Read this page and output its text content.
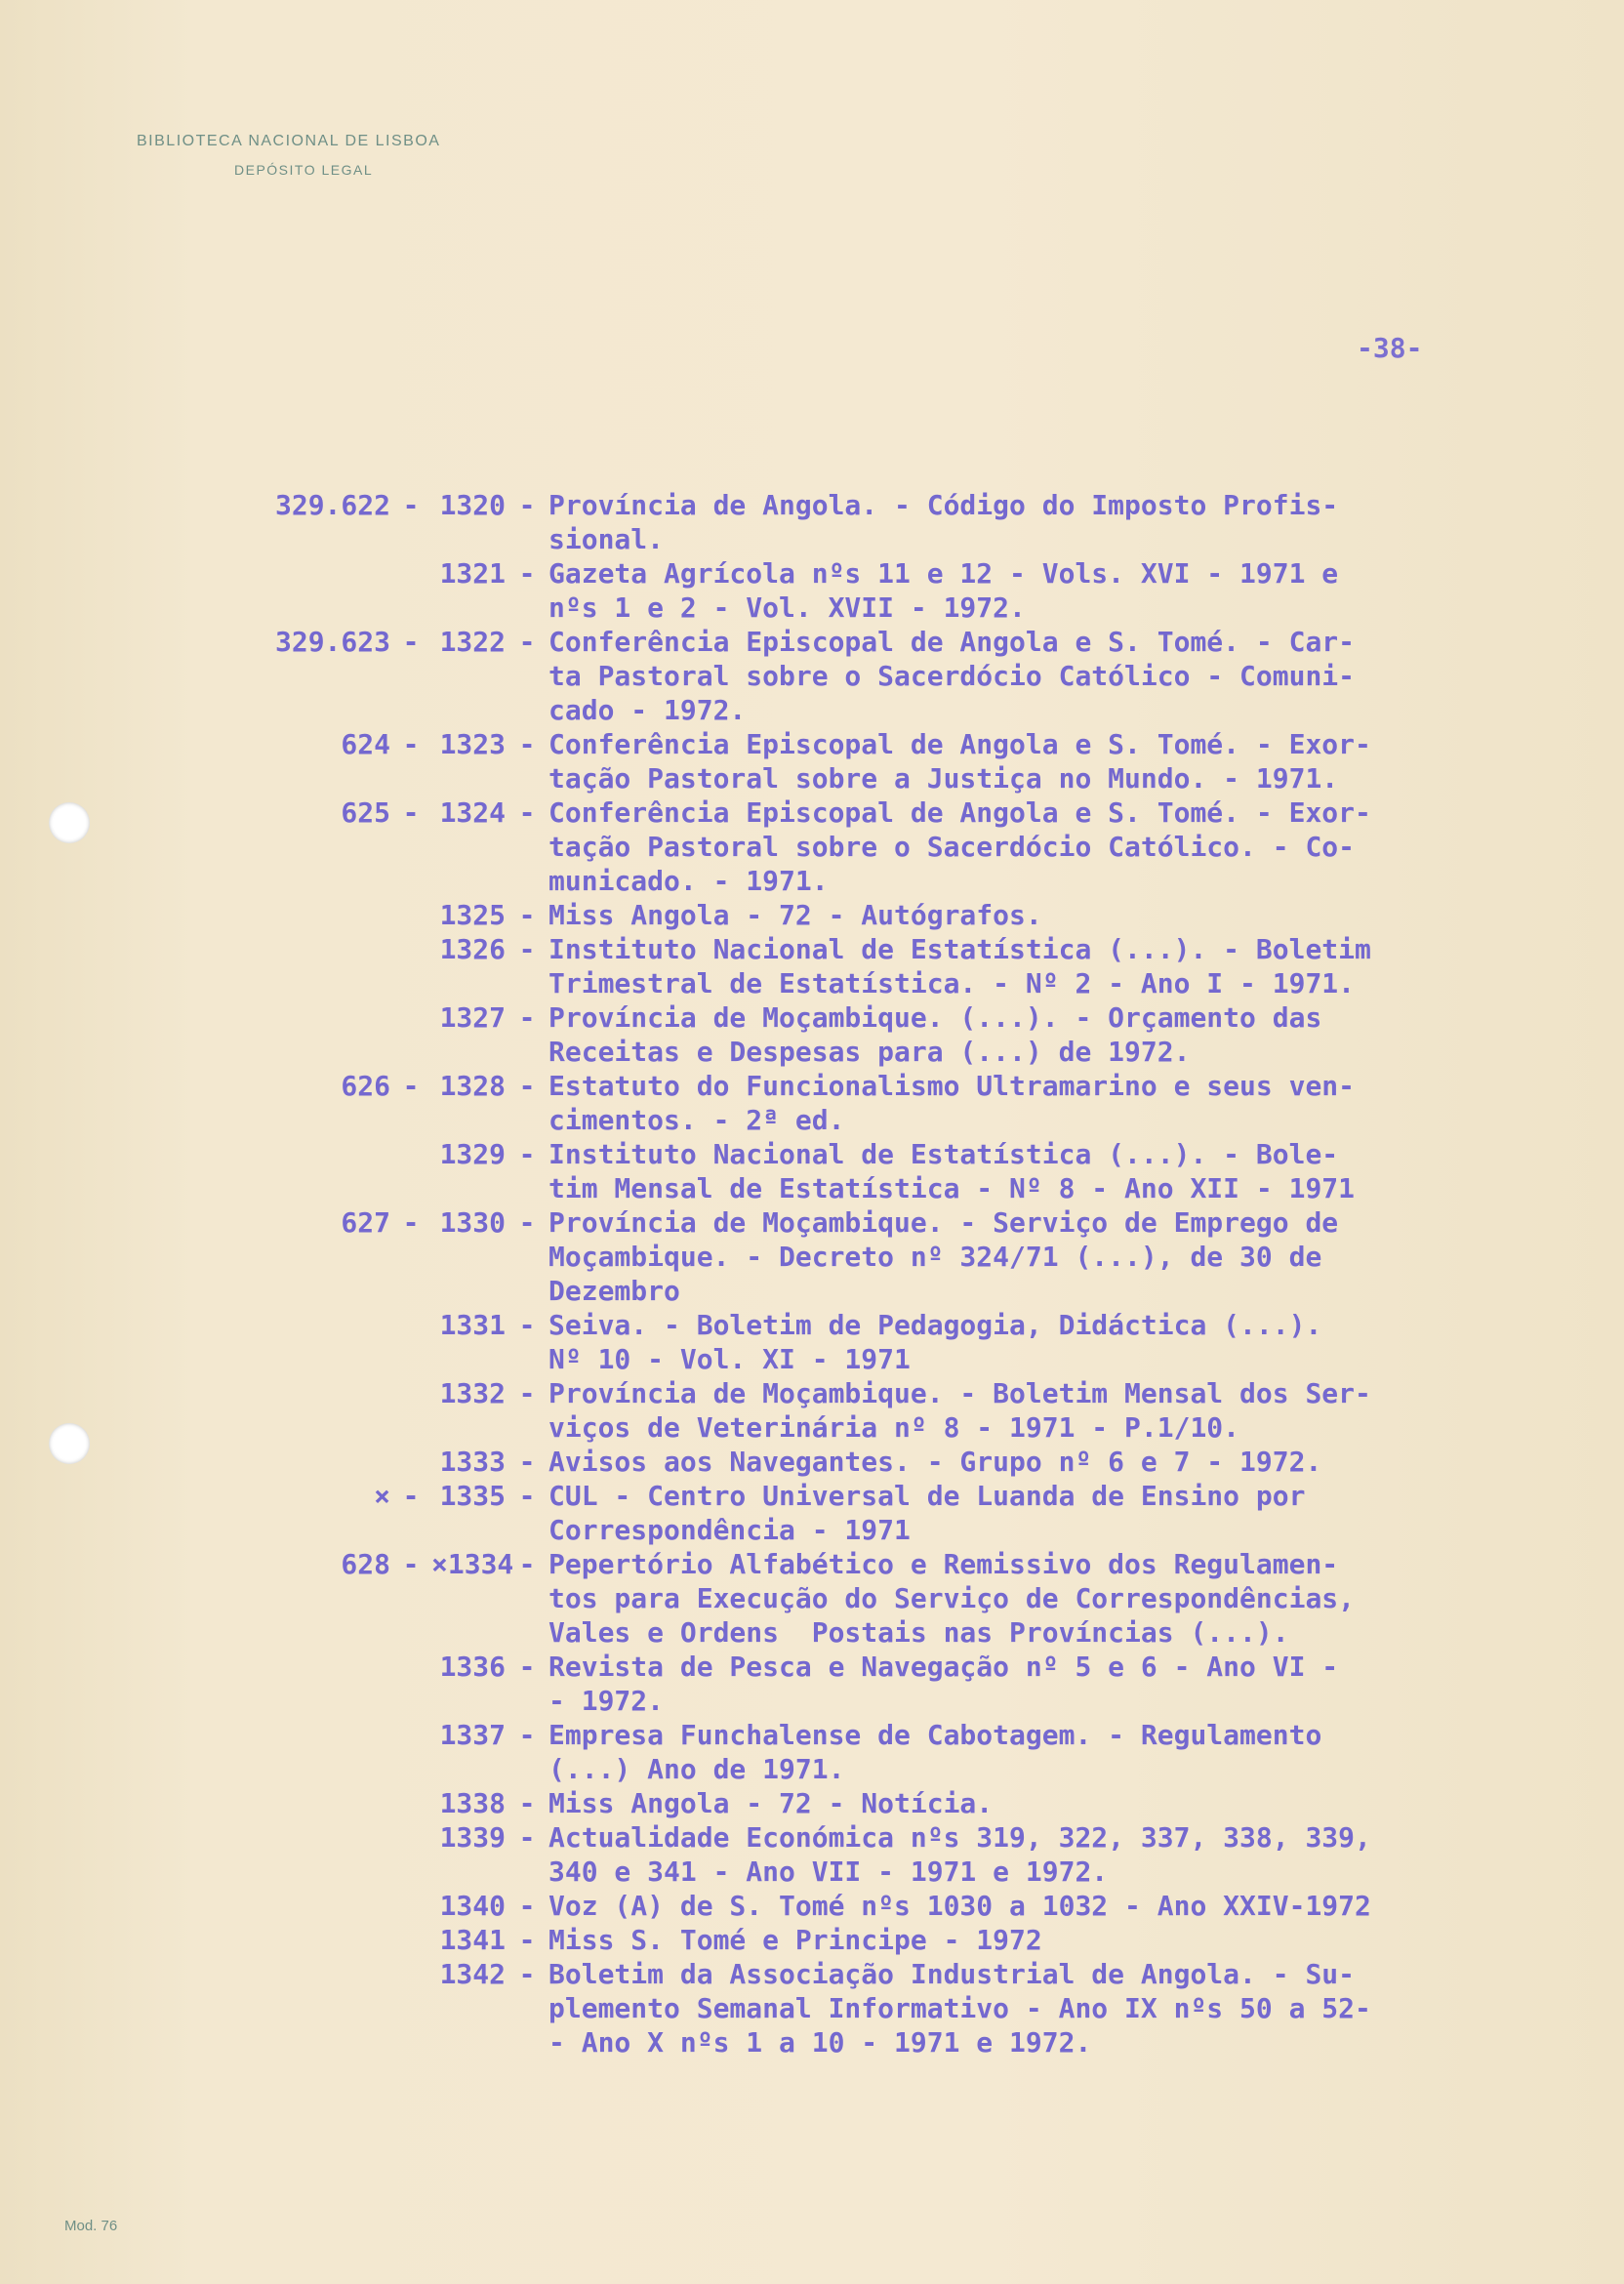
BIBLIOTECA NACIONAL DE LISBOA
DEPÓSITO LEGAL
-38-
329.622 - 1320 - Província de Angola. - Código do Imposto Profis-
sional.
1321 - Gazeta Agrícola nºs 11 e 12 - Vols. XVI - 1971 e
nºs 1 e 2 - Vol. XVII - 1972.
329.623 - 1322 - Conferência Episcopal de Angola e S. Tomé. - Car-
ta Pastoral sobre o Sacerdócio Católico - Comuni-
cado - 1972.
624 - 1323 - Conferência Episcopal de Angola e S. Tomé. - Exor-
tação Pastoral sobre a Justiça no Mundo. - 1971.
625 - 1324 - Conferência Episcopal de Angola e S. Tomé. - Exor-
tação Pastoral sobre o Sacerdócio Católico. - Co-
municado. - 1971.
1325 - Miss Angola - 72 - Autógrafos.
1326 - Instituto Nacional de Estatística (...). - Boletim
Trimestral de Estatística. - Nº 2 - Ano I - 1971.
1327 - Província de Moçambique. (...). - Orçamento das
Receitas e Despesas para (...) de 1972.
626 - 1328 - Estatuto do Funcionalismo Ultramarino e seus ven-
cimentos. - 2ª ed.
1329 - Instituto Nacional de Estatística (...). - Bole-
tim Mensal de Estatística - Nº 8 - Ano XII - 1971
627 - 1330 - Província de Moçambique. - Serviço de Emprego de
Moçambique. - Decreto nº 324/71 (...), de 30 de
Dezembro
1331 - Seiva. - Boletim de Pedagogia, Didáctica (...).
Nº 10 - Vol. XI - 1971
1332 - Província de Moçambique. - Boletim Mensal dos Ser-
viços de Veterinária nº 8 - 1971 - P.1/10.
1333 - Avisos aos Navegantes. - Grupo nº 6 e 7 - 1972.
× - 1335 - CUL - Centro Universal de Luanda de Ensino por
Correspondência - 1971
628 - ×1334 - Pepertório Alfabético e Remissivo dos Regulamen-
tos para Execução do Serviço de Correspondências,
Vales e Ordens  Postais nas Províncias (...).
1336 - Revista de Pesca e Navegação nº 5 e 6 - Ano VI -
- 1972.
1337 - Empresa Funchalense de Cabotagem. - Regulamento
(...) Ano de 1971.
1338 - Miss Angola - 72 - Notícia.
1339 - Actualidade Económica nºs 319, 322, 337, 338, 339,
340 e 341 - Ano VII - 1971 e 1972.
1340 - Voz (A) de S. Tomé nºs 1030 a 1032 - Ano XXIV-1972
1341 - Miss S. Tomé e Principe - 1972
1342 - Boletim da Associação Industrial de Angola. - Su-
plemento Semanal Informativo - Ano IX nºs 50 a 52-
- Ano X nºs 1 a 10 - 1971 e 1972.
Mod. 76
